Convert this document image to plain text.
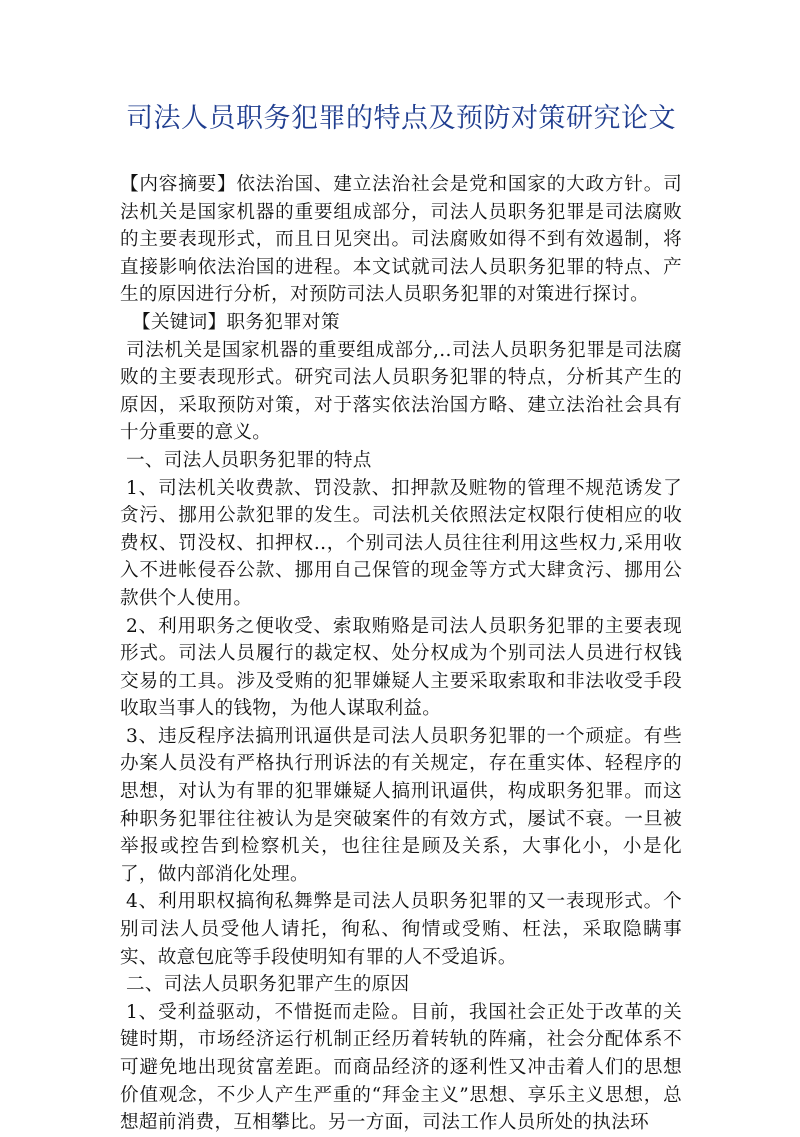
司法人员职务犯罪的特点及预防对策研究论文

【内容摘要】依法治国、建立法治社会是党和国家的大政方针。司法机关是国家机器的重要组成部分，司法人员职务犯罪是司法腐败的主要表现形式，而且日见突出。司法腐败如得不到有效遏制，将直接影响依法治国的进程。本文试就司法人员职务犯罪的特点、产生的原因进行分析，对预防司法人员职务犯罪的对策进行探讨。

【关键词】职务犯罪对策

司法机关是国家机器的重要组成部分,..司法人员职务犯罪是司法腐败的主要表现形式。研究司法人员职务犯罪的特点，分析其产生的原因，采取预防对策，对于落实依法治国方略、建立法治社会具有十分重要的意义。

一、司法人员职务犯罪的特点

1、司法机关收费款、罚没款、扣押款及赃物的管理不规范诱发了贪污、挪用公款犯罪的发生。司法机关依照法定权限行使相应的收费权、罚没权、扣押权..，个别司法人员往往利用这些权力,采用收入不进帐侵吞公款、挪用自己保管的现金等方式大肆贪污、挪用公款供个人使用。

2、利用职务之便收受、索取贿赂是司法人员职务犯罪的主要表现形式。司法人员履行的裁定权、处分权成为个别司法人员进行权钱交易的工具。涉及受贿的犯罪嫌疑人主要采取索取和非法收受手段收取当事人的钱物，为他人谋取利益。

3、违反程序法搞刑讯逼供是司法人员职务犯罪的一个顽症。有些办案人员没有严格执行刑诉法的有关规定，存在重实体、轻程序的思想，对认为有罪的犯罪嫌疑人搞刑讯逼供，构成职务犯罪。而这种职务犯罪往往被认为是突破案件的有效方式，屡试不衰。一旦被举报或控告到检察机关，也往往是顾及关系，大事化小，小是化了，做内部消化处理。

4、利用职权搞徇私舞弊是司法人员职务犯罪的又一表现形式。个别司法人员受他人请托，徇私、徇情或受贿、枉法，采取隐瞒事实、故意包庇等手段使明知有罪的人不受追诉。

二、司法人员职务犯罪产生的原因

1、受利益驱动，不惜挺而走险。目前，我国社会正处于改革的关键时期，市场经济运行机制正经历着转轨的阵痛，社会分配体系不可避免地出现贫富差距。而商品经济的逐利性又冲击着人们的思想价值观念，不少人产生严重的“拜金主义”思想、享乐主义思想，总想超前消费，互相攀比。另一方面，司法工作人员所处的执法环
